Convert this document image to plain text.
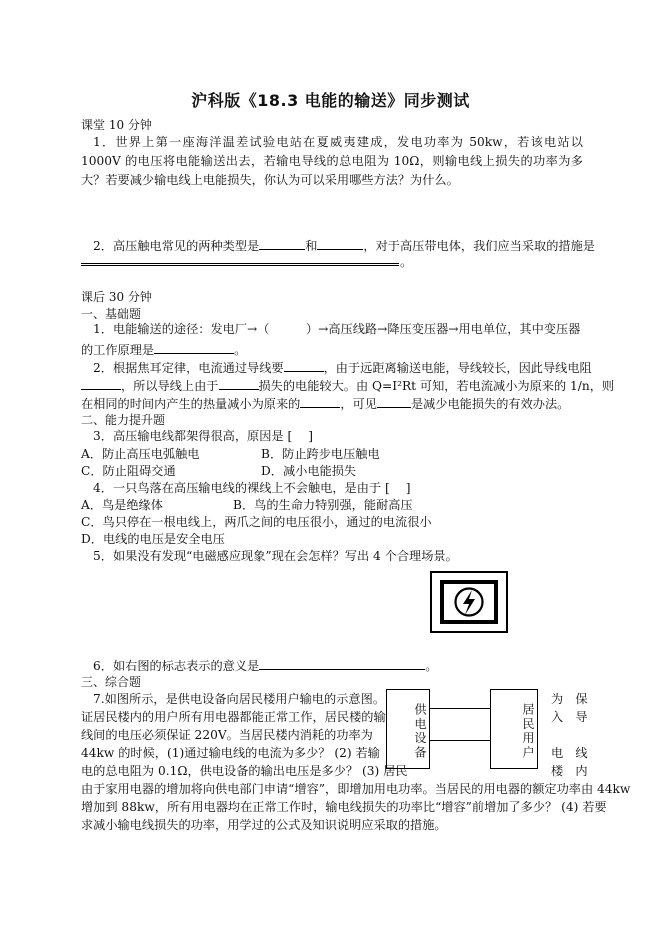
沪科版《18.3 电能的输送》同步测试
课堂 10 分钟
1．世界上第一座海洋温差试验电站在夏威夷建成，发电功率为 50kw，若该电站以 1000V 的电压将电能输送出去，若输电导线的总电阻为 10Ω，则输电线上损失的功率为多大？若要减少输电线上电能损失，你认为可以采用哪些方法？为什么。
2．高压触电常见的两种类型是	和	，对于高压带电体，我们应当采取的措施是
。
课后 30 分钟
一、基础题
1．电能输送的途径：发电厂→（　　　）→高压线路→降压变压器→用电单位，其中变压器
的工作原理是	。
2．根据焦耳定律，电流通过导线要	，由于远距离输送电能，导线较长，因此导线电阻
，所以导线上由于	损失的电能较大。由 Q=I²Rt 可知，若电流减小为原来的 1/n，则
在相同的时间内产生的热量减小为原来的	，可见	是减少电能损失的有效办法。
二、能力提升题
3．高压输电线都架得很高，原因是 [　 ]
A．防止高压电弧触电	B．防止跨步电压触电
C．防止阻碍交通	D．减小电能损失
4．一只鸟落在高压输电线的裸线上不会触电，是由于 [　 ]
A．鸟是绝缘体	B．鸟的生命力特别强，能耐高压
C．鸟只停在一根电线上，两爪之间的电压很小，通过的电流很小
D．电线的电压是安全电压
5．如果没有发现“电磁感应现象”现在会怎样？写出 4 个合理场景。
6．如右图的标志表示的意义是	。
三、综合题
7.如图所示，是供电设备向居民楼用户输电的示意图。
证居民楼内的用户所有用电器都能正常工作，居民楼的输
线间的电压必须保证 220V。当居民楼内消耗的功率为
44kw 的时候，(1)通过输电线的电流为多少？ (2) 若输
电的总电阻为 0.1Ω，供电设备的输出电压是多少？ (3) 居民
由于家用电器的增加将向供电部门申请“增容”，即增加用电功率。当居民的用电器的额定功率由 44kw
增加到 88kw，所有用电器均在正常工作时，输电线损失的功率比“增容”前增加了多少？ (4) 若要
求减小输电线损失的功率，用学过的公式及知识说明应采取的措施。
供电设备	居民用户
为　保
入　导
电　线
楼　内
